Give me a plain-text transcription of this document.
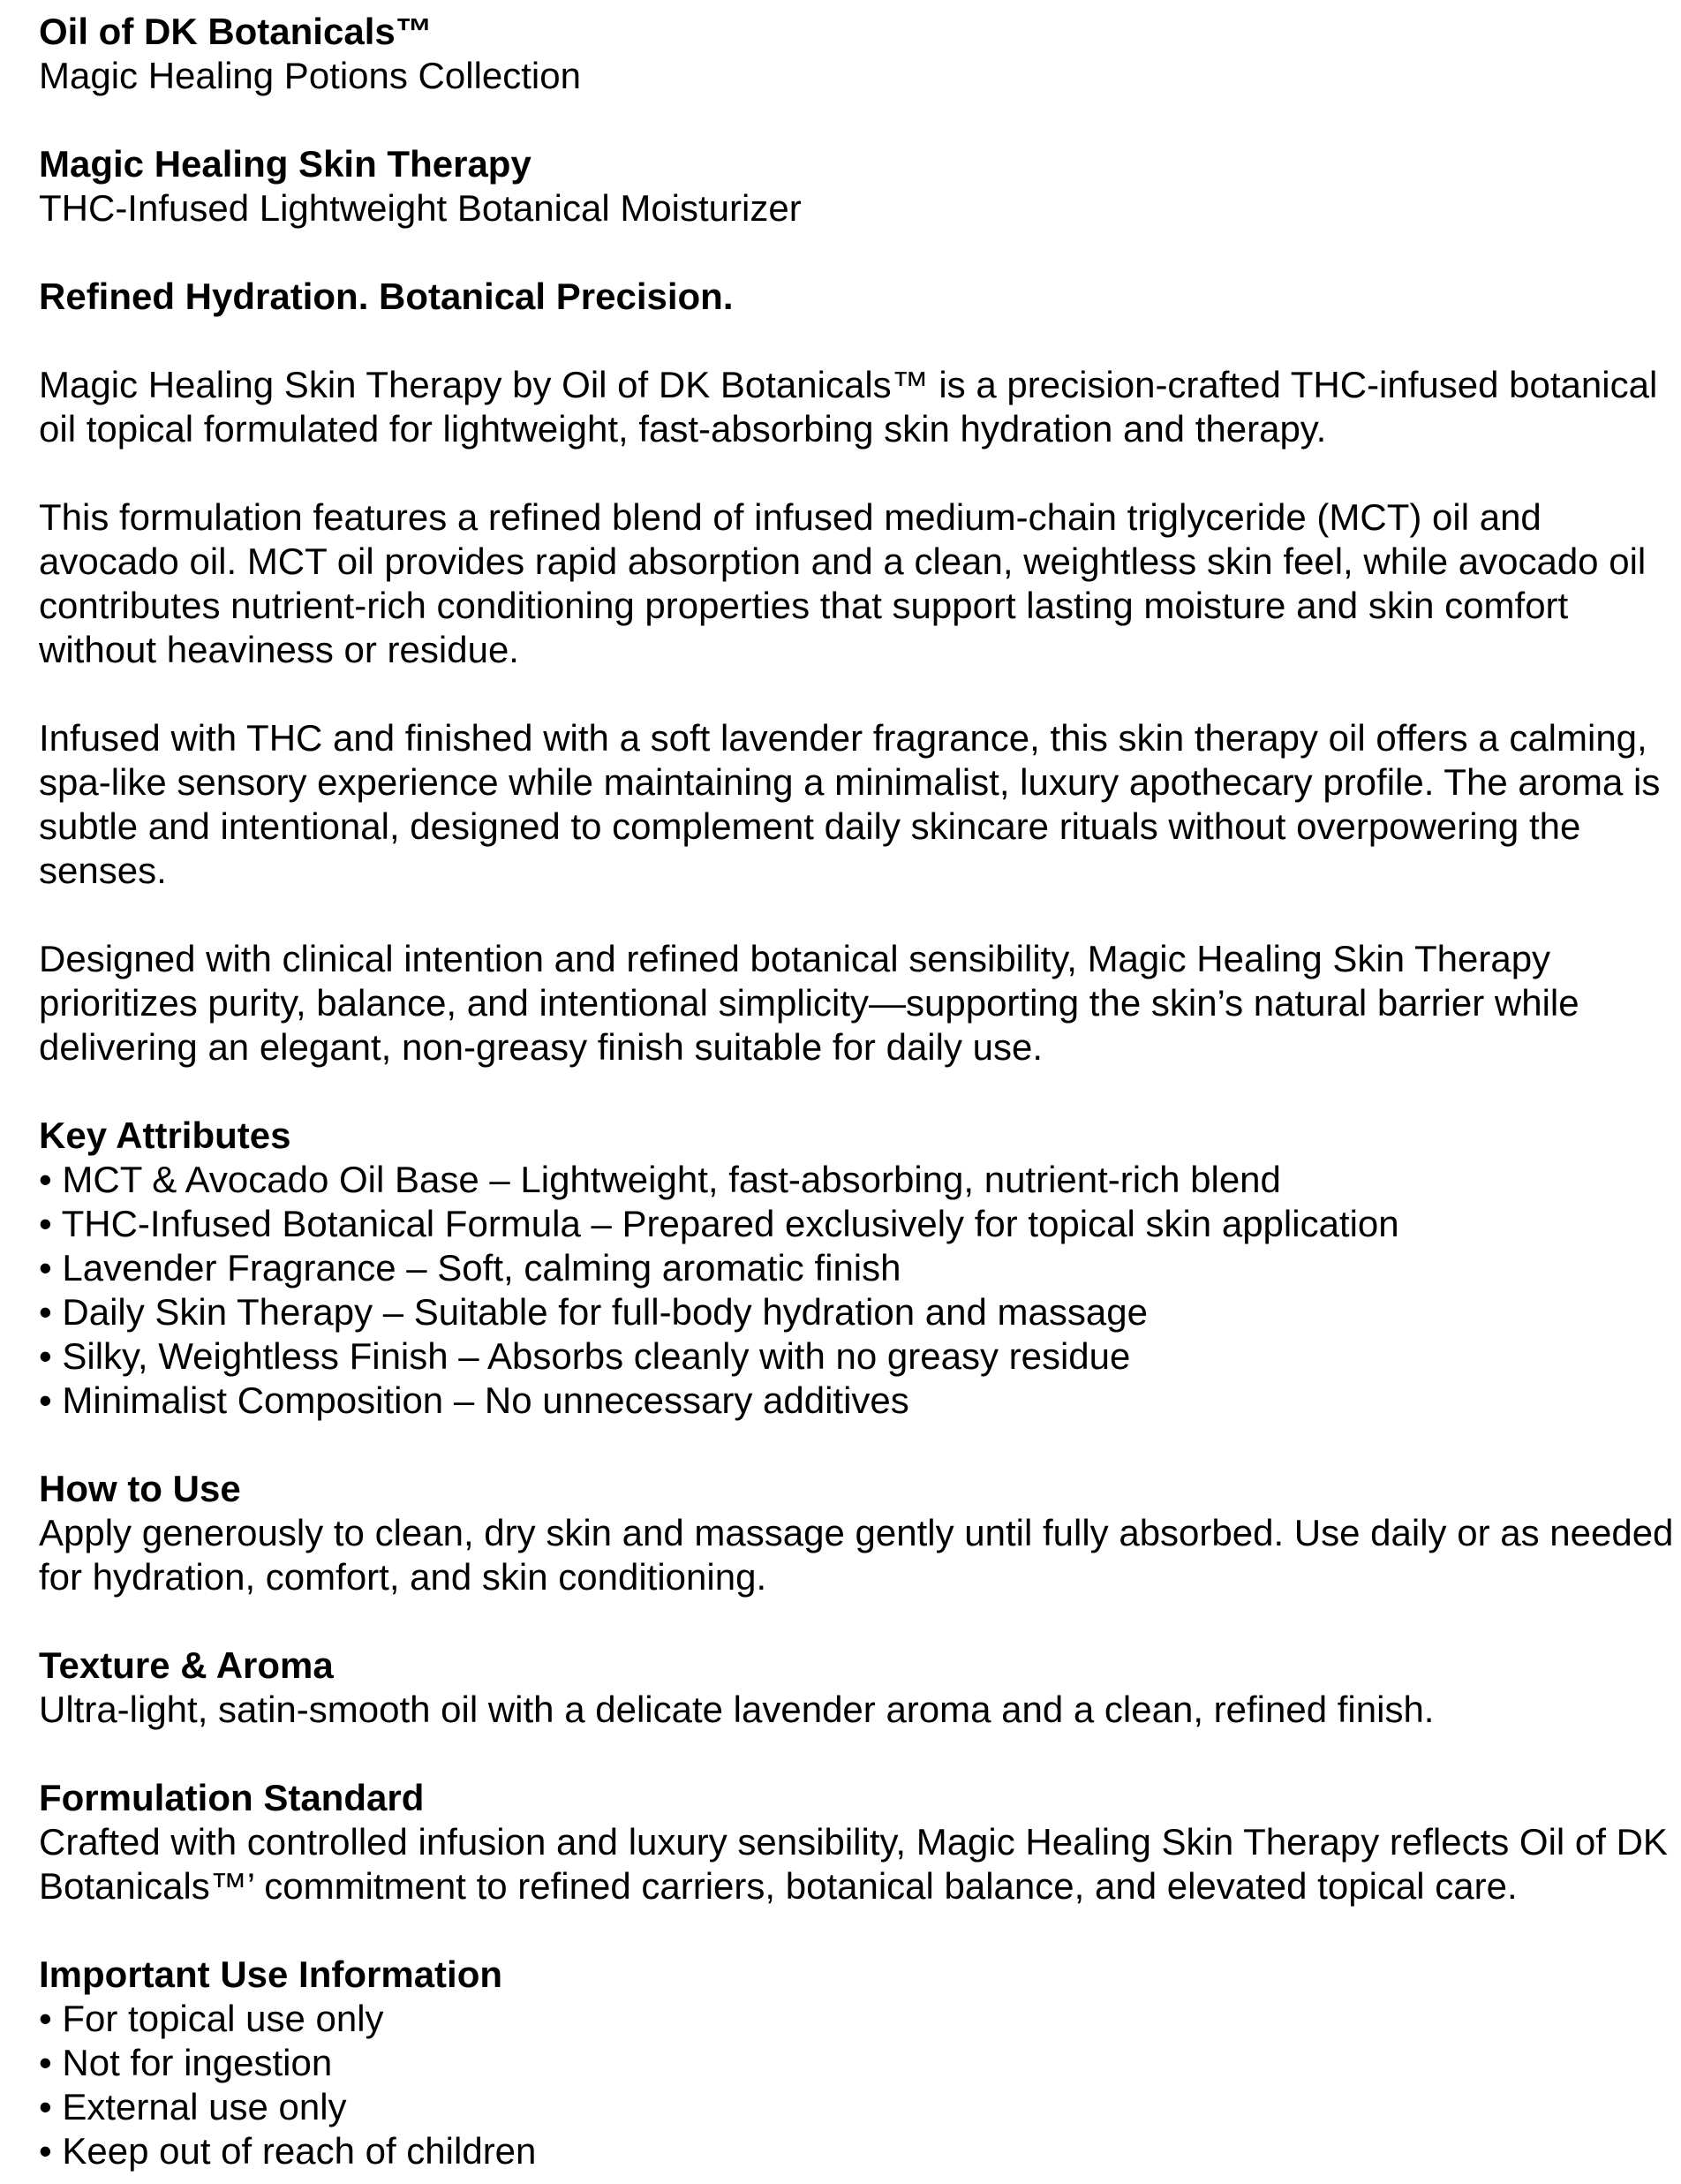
Oil of DK Botanicals™
Magic Healing Potions Collection
Magic Healing Skin Therapy
THC-Infused Lightweight Botanical Moisturizer
Refined Hydration. Botanical Precision.
Magic Healing Skin Therapy by Oil of DK Botanicals™ is a precision-crafted THC-infused botanical
oil topical formulated for lightweight, fast-absorbing skin hydration and therapy.
This formulation features a refined blend of infused medium-chain triglyceride (MCT) oil and
avocado oil. MCT oil provides rapid absorption and a clean, weightless skin feel, while avocado oil
contributes nutrient-rich conditioning properties that support lasting moisture and skin comfort
without heaviness or residue.
Infused with THC and finished with a soft lavender fragrance, this skin therapy oil offers a calming,
spa-like sensory experience while maintaining a minimalist, luxury apothecary profile. The aroma is
subtle and intentional, designed to complement daily skincare rituals without overpowering the
senses.
Designed with clinical intention and refined botanical sensibility, Magic Healing Skin Therapy
prioritizes purity, balance, and intentional simplicity—supporting the skin’s natural barrier while
delivering an elegant, non-greasy finish suitable for daily use.
Key Attributes
• MCT & Avocado Oil Base – Lightweight, fast-absorbing, nutrient-rich blend
• THC-Infused Botanical Formula – Prepared exclusively for topical skin application
• Lavender Fragrance – Soft, calming aromatic finish
• Daily Skin Therapy – Suitable for full-body hydration and massage
• Silky, Weightless Finish – Absorbs cleanly with no greasy residue
• Minimalist Composition – No unnecessary additives
How to Use
Apply generously to clean, dry skin and massage gently until fully absorbed. Use daily or as needed
for hydration, comfort, and skin conditioning.
Texture & Aroma
Ultra-light, satin-smooth oil with a delicate lavender aroma and a clean, refined finish.
Formulation Standard
Crafted with controlled infusion and luxury sensibility, Magic Healing Skin Therapy reflects Oil of DK
Botanicals™’ commitment to refined carriers, botanical balance, and elevated topical care.
Important Use Information
• For topical use only
• Not for ingestion
• External use only
• Keep out of reach of children
